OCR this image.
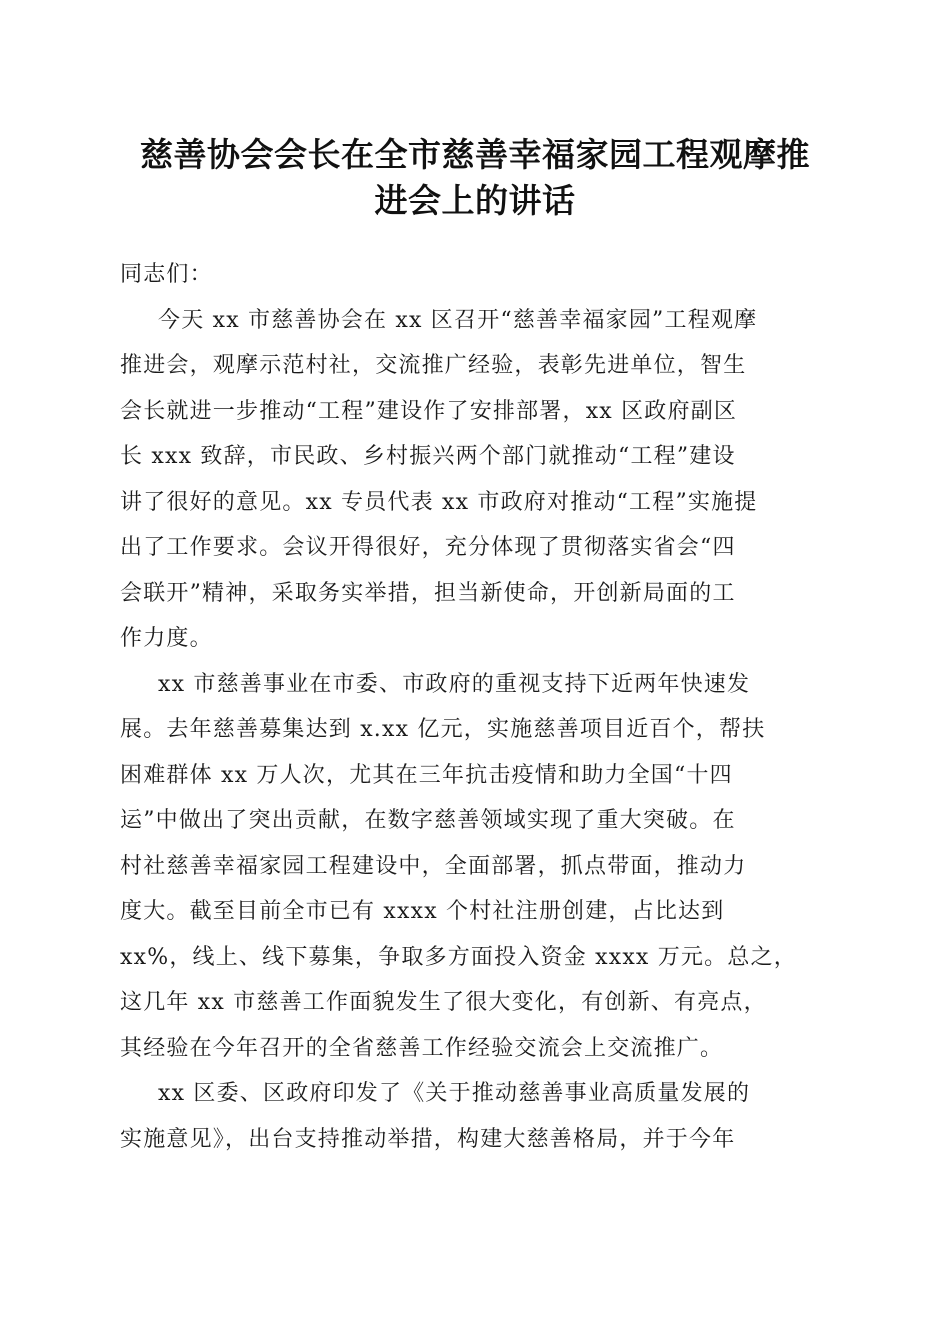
慈善协会会长在全市慈善幸福家园工程观摩推
进会上的讲话
同志们：
今天 xx 市慈善协会在 xx 区召开“慈善幸福家园”工程观摩
推进会，观摩示范村社，交流推广经验，表彰先进单位，智生
会长就进一步推动“工程”建设作了安排部署，xx 区政府副区
长 xxx 致辞，市民政、乡村振兴两个部门就推动“工程”建设
讲了很好的意见。xx 专员代表 xx 市政府对推动“工程”实施提
出了工作要求。会议开得很好，充分体现了贯彻落实省会“四
会联开”精神，采取务实举措，担当新使命，开创新局面的工
作力度。
xx 市慈善事业在市委、市政府的重视支持下近两年快速发
展。去年慈善募集达到 x.xx 亿元，实施慈善项目近百个，帮扶
困难群体 xx 万人次，尤其在三年抗击疫情和助力全国“十四
运”中做出了突出贡献，在数字慈善领域实现了重大突破。在
村社慈善幸福家园工程建设中，全面部署，抓点带面，推动力
度大。截至目前全市已有 xxxx 个村社注册创建，占比达到
xx%，线上、线下募集，争取多方面投入资金 xxxx 万元。总之，
这几年 xx 市慈善工作面貌发生了很大变化，有创新、有亮点，
其经验在今年召开的全省慈善工作经验交流会上交流推广。
xx 区委、区政府印发了《关于推动慈善事业高质量发展的
实施意见》，出台支持推动举措，构建大慈善格局，并于今年
